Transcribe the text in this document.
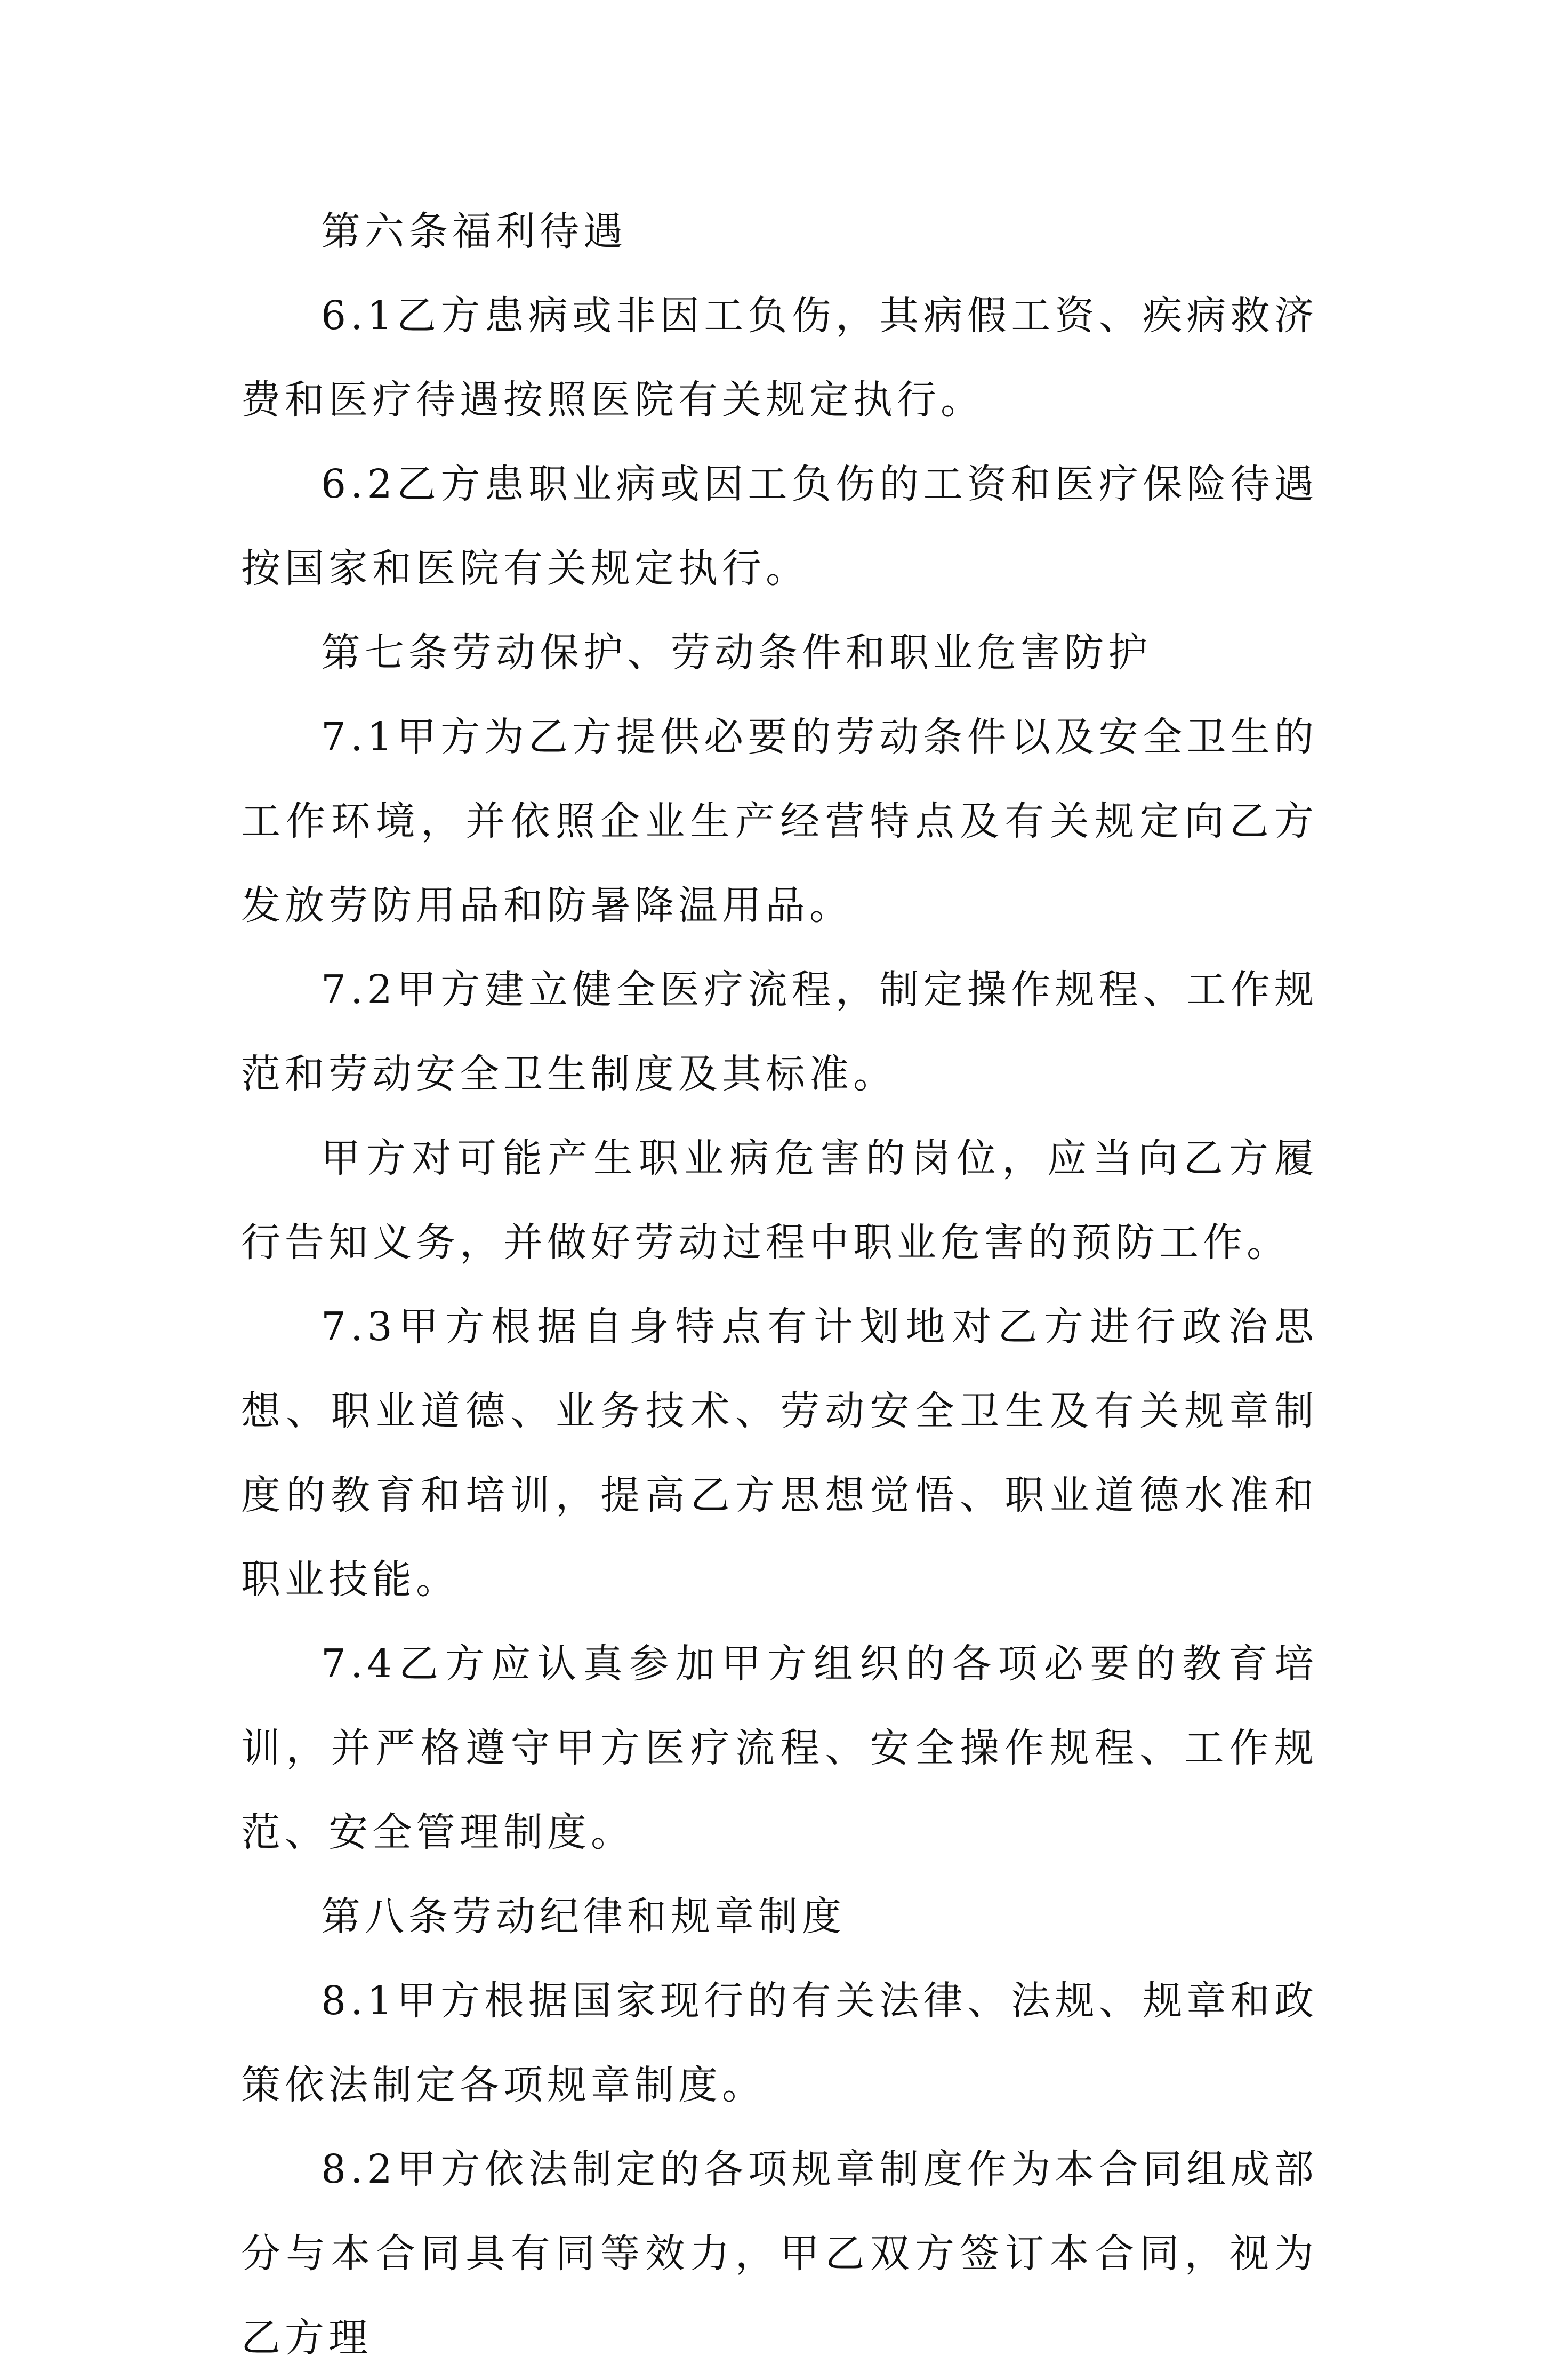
第六条福利待遇

6.1乙方患病或非因工负伤，其病假工资、疾病救济费和医疗待遇按照医院有关规定执行。

6.2乙方患职业病或因工负伤的工资和医疗保险待遇按国家和医院有关规定执行。

第七条劳动保护、劳动条件和职业危害防护

7.1甲方为乙方提供必要的劳动条件以及安全卫生的工作环境，并依照企业生产经营特点及有关规定向乙方发放劳防用品和防暑降温用品。

7.2甲方建立健全医疗流程，制定操作规程、工作规范和劳动安全卫生制度及其标准。

甲方对可能产生职业病危害的岗位，应当向乙方履行告知义务，并做好劳动过程中职业危害的预防工作。

7.3甲方根据自身特点有计划地对乙方进行政治思想、职业道德、业务技术、劳动安全卫生及有关规章制度的教育和培训，提高乙方思想觉悟、职业道德水准和职业技能。

7.4乙方应认真参加甲方组织的各项必要的教育培训，并严格遵守甲方医疗流程、安全操作规程、工作规范、安全管理制度。

第八条劳动纪律和规章制度

8.1甲方根据国家现行的有关法律、法规、规章和政策依法制定各项规章制度。

8.2甲方依法制定的各项规章制度作为本合同组成部分与本合同具有同等效力，甲乙双方签订本合同，视为乙方理
